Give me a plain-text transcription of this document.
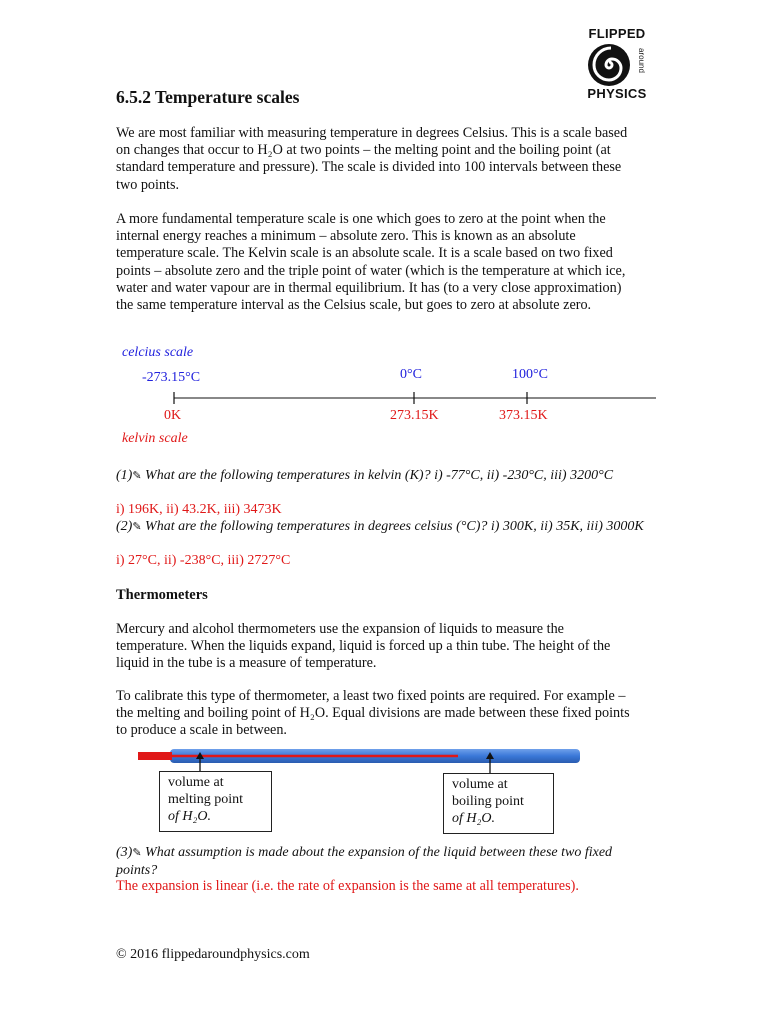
FLIPPED
around
PHYSICS
6.5.2 Temperature scales
We are most familiar with measuring temperature in degrees Celsius. This is a scale based on changes that occur to H₂O at two points – the melting point and the boiling point (at standard temperature and pressure). The scale is divided into 100 intervals between these two points.
A more fundamental temperature scale is one which goes to zero at the point when the internal energy reaches a minimum – absolute zero. This is known as an absolute temperature scale. The Kelvin scale is an absolute scale. It is a scale based on two fixed points – absolute zero and the triple point of water (which is the temperature at which ice, water and water vapour are in thermal equilibrium. It has (to a very close approximation) the same temperature interval as the Celsius scale, but goes to zero at absolute zero.
celcius scale
-273.15°C	0°C	100°C
0K	273.15K	373.15K
kelvin scale
(1)✎ What are the following temperatures in kelvin (K)? i) -77°C, ii) -230°C, iii) 3200°C
i) 196K, ii) 43.2K, iii) 3473K
(2)✎ What are the following temperatures in degrees celsius (°C)? i) 300K, ii) 35K, iii) 3000K
i) 27°C, ii) -238°C, iii) 2727°C
Thermometers
Mercury and alcohol thermometers use the expansion of liquids to measure the temperature. When the liquids expand, liquid is forced up a thin tube. The height of the liquid in the tube is a measure of temperature.
To calibrate this type of thermometer, a least two fixed points are required. For example – the melting and boiling point of H₂O. Equal divisions are made between these fixed points to produce a scale in between.
volume at
melting point
of H₂O.
volume at
boiling point
of H₂O.
(3)✎ What assumption is made about the expansion of the liquid between these two fixed points?
The expansion is linear (i.e. the rate of expansion is the same at all temperatures).
© 2016 flippedaroundphysics.com
